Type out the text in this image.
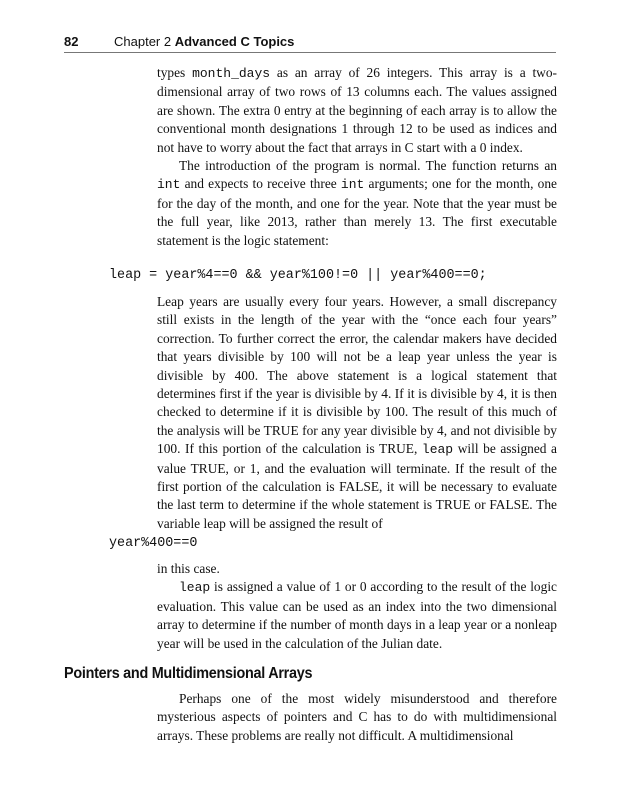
82	Chapter 2 Advanced C Topics

types month_days as an array of 26 integers. This array is a two-dimensional array of two rows of 13 columns each. The values assigned are shown. The extra 0 entry at the beginning of each array is to allow the conventional month designations 1 through 12 to be used as indices and not have to worry about the fact that arrays in C start with a 0 index.

The introduction of the program is normal. The function returns an int and expects to receive three int arguments; one for the month, one for the day of the month, and one for the year. Note that the year must be the full year, like 2013, rather than merely 13. The first executable statement is the logic statement:

leap = year%4==0 && year%100!=0 || year%400==0;

Leap years are usually every four years. However, a small discrepancy still exists in the length of the year with the “once each four years” correction. To further correct the error, the calendar makers have decided that years divisible by 100 will not be a leap year unless the year is divisible by 400. The above statement is a logical statement that determines first if the year is divisible by 4. If it is divisible by 4, it is then checked to determine if it is divisible by 100. The result of this much of the analysis will be TRUE for any year divisible by 4, and not divisible by 100. If this portion of the calculation is TRUE, leap will be assigned a value TRUE, or 1, and the evaluation will terminate. If the result of the first portion of the calculation is FALSE, it will be necessary to evaluate the last term to determine if the whole statement is TRUE or FALSE. The variable leap will be assigned the result of

year%400==0

in this case.

leap is assigned a value of 1 or 0 according to the result of the logic evaluation. This value can be used as an index into the two dimensional array to determine if the number of month days in a leap year or a nonleap year will be used in the calculation of the Julian date.

Pointers and Multidimensional Arrays

Perhaps one of the most widely misunderstood and therefore mysterious aspects of pointers and C has to do with multidimensional arrays. These problems are really not difficult. A multidimensional
